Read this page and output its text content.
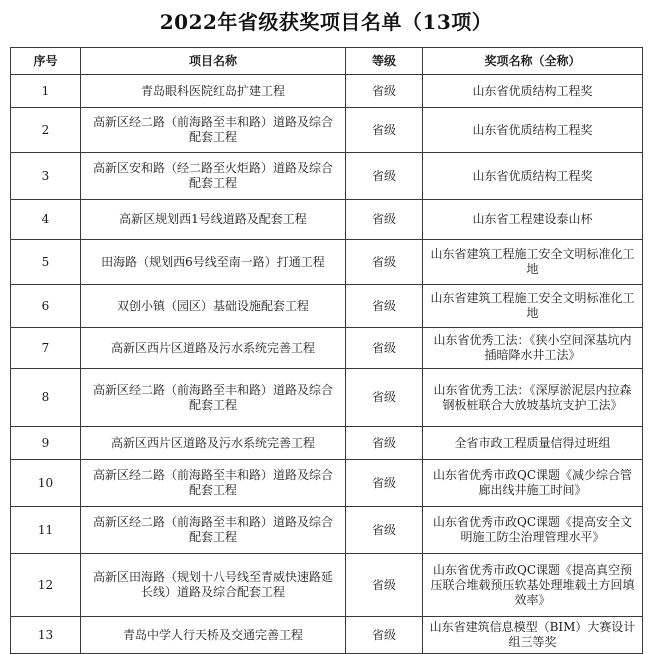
2022年省级获奖项目名单（13项）
序号	项目名称	等级	奖项名称（全称）
1	青岛眼科医院红岛扩建工程	省级	山东省优质结构工程奖
2	高新区经二路（前海路至丰和路）道路及综合配套工程	省级	山东省优质结构工程奖
3	高新区安和路（经二路至火炬路）道路及综合配套工程	省级	山东省优质结构工程奖
4	高新区规划西1号线道路及配套工程	省级	山东省工程建设泰山杯
5	田海路（规划西6号线至南一路）打通工程	省级	山东省建筑工程施工安全文明标准化工地
6	双创小镇（园区）基础设施配套工程	省级	山东省建筑工程施工安全文明标准化工地
7	高新区西片区道路及污水系统完善工程	省级	山东省优秀工法：《狭小空间深基坑内插暗降水井工法》
8	高新区经二路（前海路至丰和路）道路及综合配套工程	省级	山东省优秀工法：《深厚淤泥层内拉森钢板桩联合大放坡基坑支护工法》
9	高新区西片区道路及污水系统完善工程	省级	全省市政工程质量信得过班组
10	高新区经二路（前海路至丰和路）道路及综合配套工程	省级	山东省优秀市政QC课题《减少综合管廊出线井施工时间》
11	高新区经二路（前海路至丰和路）道路及综合配套工程	省级	山东省优秀市政QC课题《提高安全文明施工防尘治理管理水平》
12	高新区田海路（规划十八号线至青威快速路延长线）道路及综合配套工程	省级	山东省优秀市政QC课题《提高真空预压联合堆载预压软基处理堆载土方回填效率》
13	青岛中学人行天桥及交通完善工程	省级	山东省建筑信息模型（BIM）大赛设计组三等奖
